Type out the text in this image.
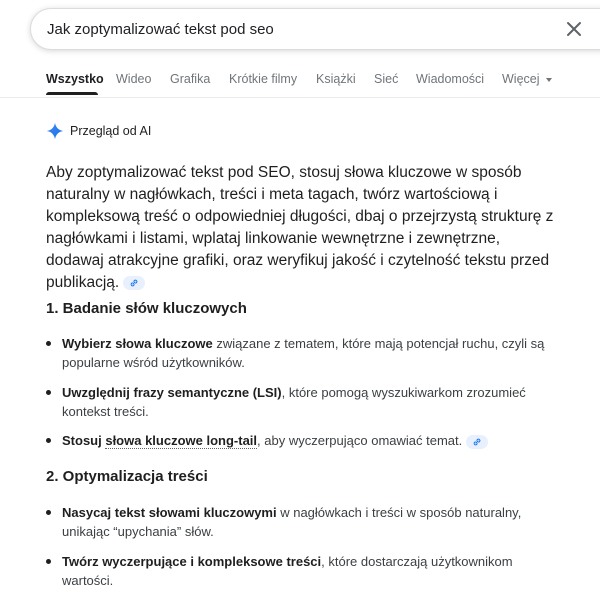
Jak zoptymalizować tekst pod seo
Wszystko Wideo Grafika Krótkie filmy Książki Sieć Wiadomości Więcej
Przegląd od AI
Aby zoptymalizować tekst pod SEO, stosuj słowa kluczowe w sposób naturalny w nagłówkach, treści i meta tagach, twórz wartościową i kompleksową treść o odpowiedniej długości, dbaj o przejrzystą strukturę z nagłówkami i listami, wplataj linkowanie wewnętrzne i zewnętrzne, dodawaj atrakcyjne grafiki, oraz weryfikuj jakość i czytelność tekstu przed publikacją.
1. Badanie słów kluczowych
Wybierz słowa kluczowe związane z tematem, które mają potencjał ruchu, czyli są popularne wśród użytkowników.
Uwzględnij frazy semantyczne (LSI), które pomogą wyszukiwarkom zrozumieć kontekst treści.
Stosuj słowa kluczowe long-tail, aby wyczerpująco omawiać temat.
2. Optymalizacja treści
Nasycaj tekst słowami kluczowymi w nagłówkach i treści w sposób naturalny, unikając “upychania” słów.
Twórz wyczerpujące i kompleksowe treści, które dostarczają użytkownikom wartości.
